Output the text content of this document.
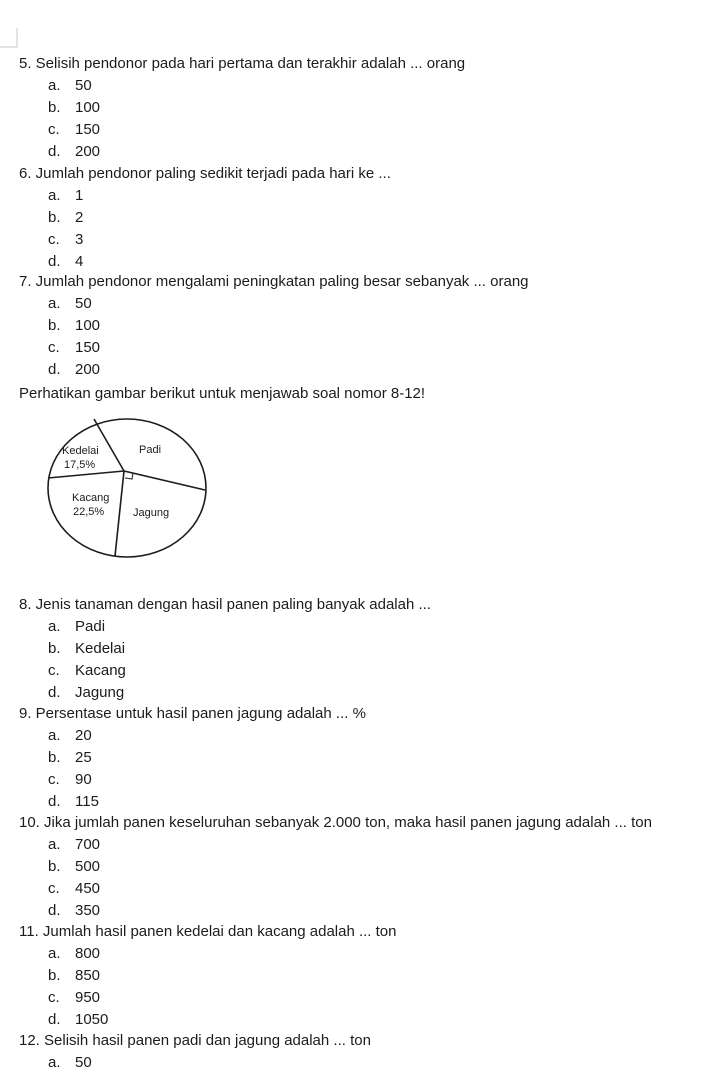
5. Selisih pendonor pada hari pertama dan terakhir adalah ... orang
a. 50
b. 100
c. 150
d. 200
6. Jumlah pendonor paling sedikit terjadi pada hari ke ...
a. 1
b. 2
c. 3
d. 4
7. Jumlah pendonor mengalami peningkatan paling besar sebanyak ... orang
a. 50
b. 100
c. 150
d. 200
8. Jenis tanaman dengan hasil panen paling banyak adalah ...
a. Padi
b. Kedelai
c. Kacang
d. Jagung
9. Persentase untuk hasil panen jagung adalah ... %
a. 20
b. 25
c. 90
d. 115
10. Jika jumlah panen keseluruhan sebanyak 2.000 ton, maka hasil panen jagung adalah ... ton
a. 700
b. 500
c. 450
d. 350
11. Jumlah hasil panen kedelai dan kacang adalah ... ton
a. 800
b. 850
c. 950
d. 1050
12. Selisih hasil panen padi dan jagung adalah ... ton
a. 50
Perhatikan gambar berikut untuk menjawab soal nomor 8-12!
Kedelai
17,5%
Padi
Jagung
Kacang
22,5%
